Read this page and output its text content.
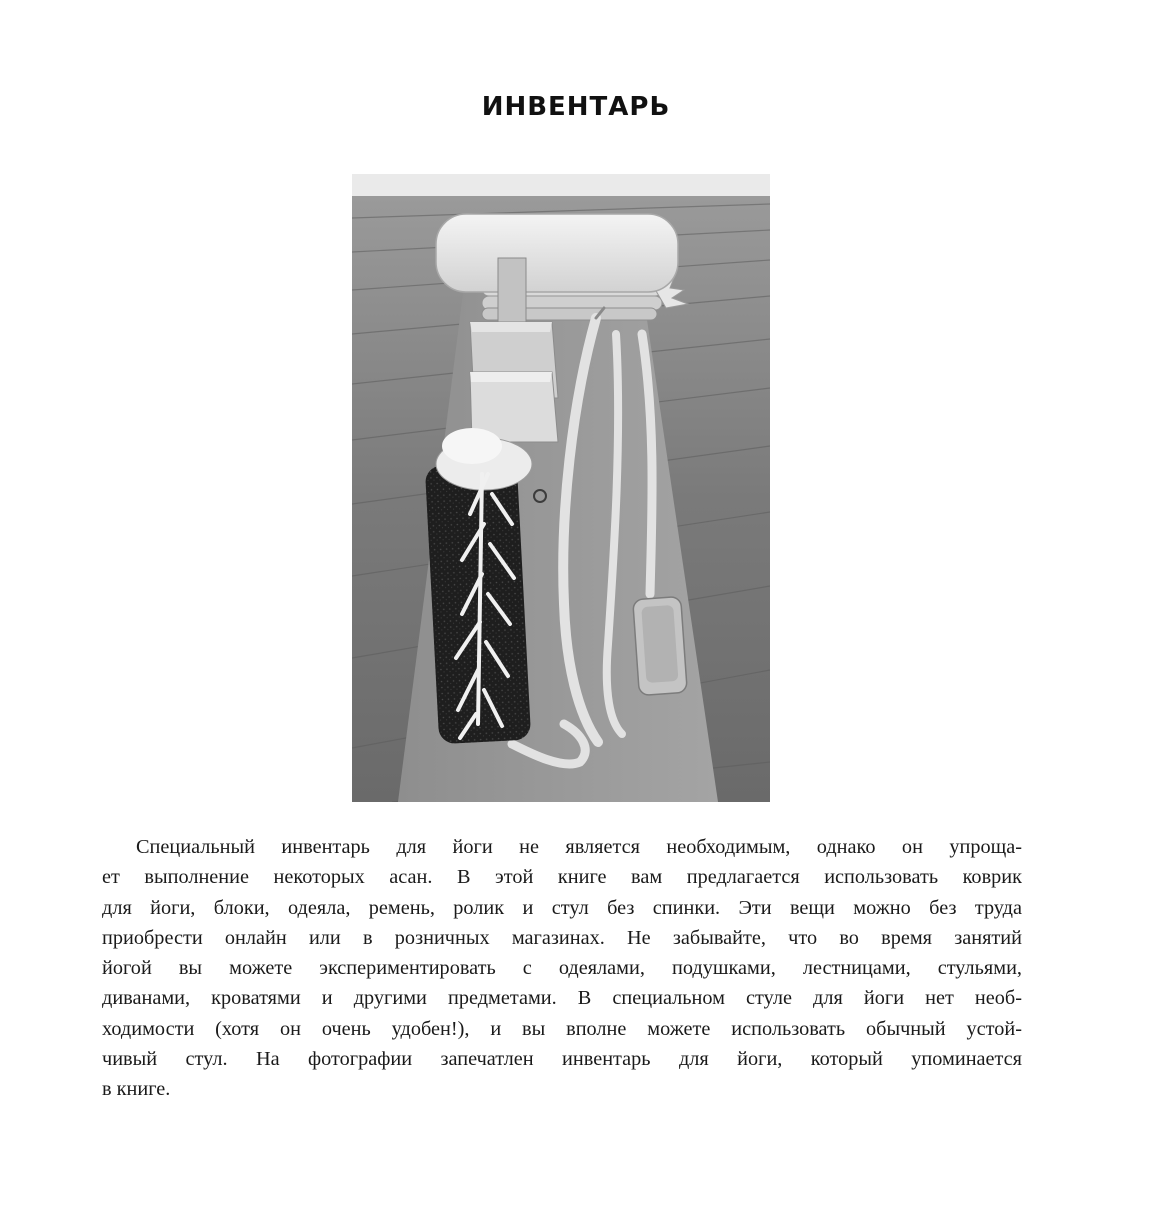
ИНВЕНТАРЬ
Специальный инвентарь для йоги не является необходимым, однако он упроща-
ет выполнение некоторых асан. В этой книге вам предлагается использовать коврик
для йоги, блоки, одеяла, ремень, ролик и стул без спинки. Эти вещи можно без труда
приобрести онлайн или в розничных магазинах. Не забывайте, что во время занятий
йогой вы можете экспериментировать с одеялами, подушками, лестницами, стульями,
диванами, кроватями и другими предметами. В специальном стуле для йоги нет необ-
ходимости (хотя он очень удобен!), и вы вполне можете использовать обычный устой-
чивый стул. На фотографии запечатлен инвентарь для йоги, который упоминается
в книге.
